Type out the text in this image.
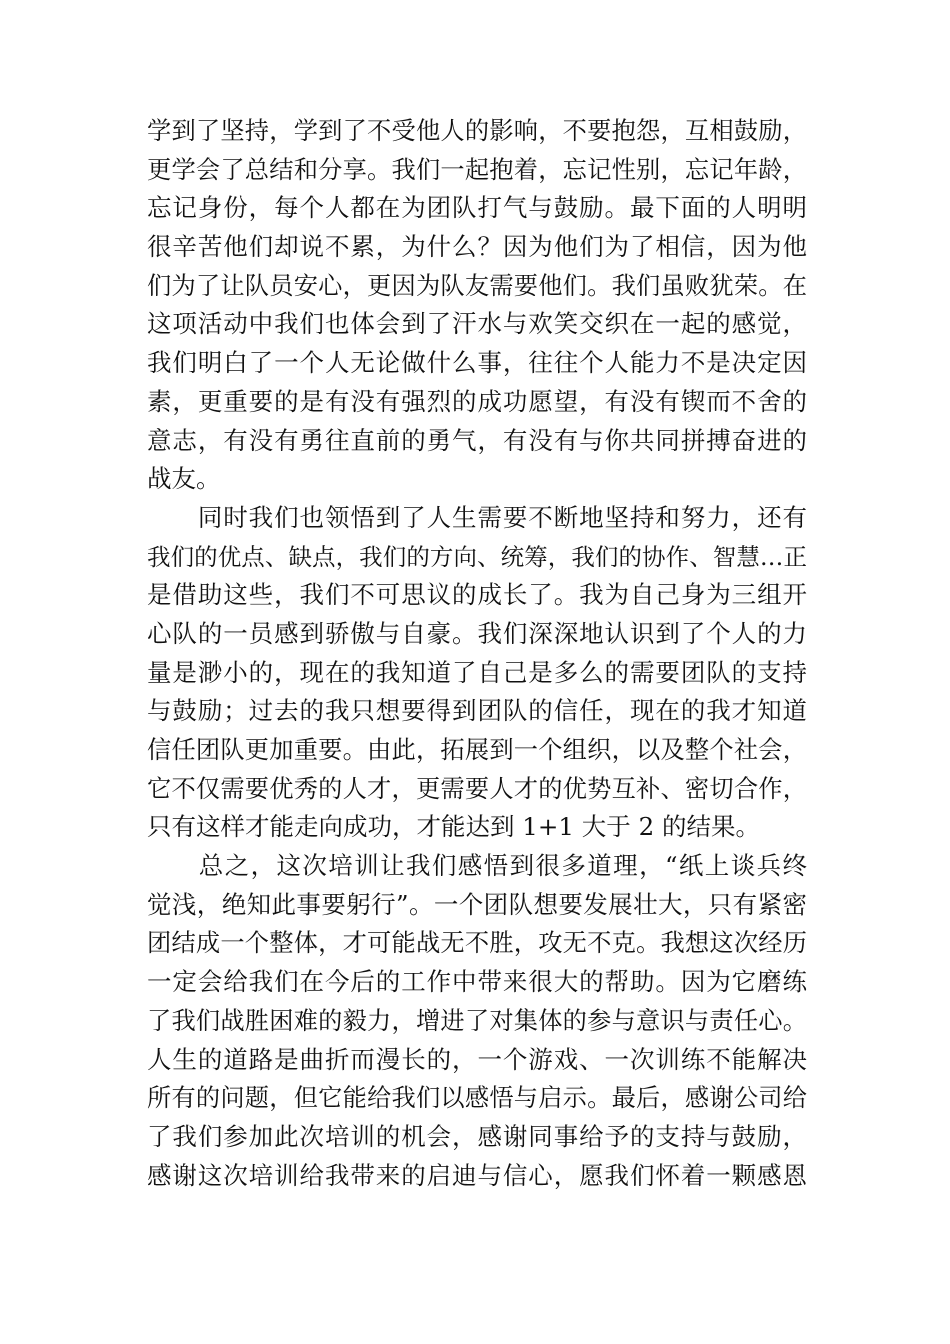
学到了坚持，学到了不受他人的影响，不要抱怨，互相鼓励，
更学会了总结和分享。我们一起抱着，忘记性别，忘记年龄，
忘记身份，每个人都在为团队打气与鼓励。最下面的人明明
很辛苦他们却说不累，为什么？因为他们为了相信，因为他
们为了让队员安心，更因为队友需要他们。我们虽败犹荣。在
这项活动中我们也体会到了汗水与欢笑交织在一起的感觉，
我们明白了一个人无论做什么事，往往个人能力不是决定因
素，更重要的是有没有强烈的成功愿望，有没有锲而不舍的
意志，有没有勇往直前的勇气，有没有与你共同拼搏奋进的
战友。
　　同时我们也领悟到了人生需要不断地坚持和努力，还有
我们的优点、缺点，我们的方向、统筹，我们的协作、智慧…正
是借助这些，我们不可思议的成长了。我为自己身为三组开
心队的一员感到骄傲与自豪。我们深深地认识到了个人的力
量是渺小的，现在的我知道了自己是多么的需要团队的支持
与鼓励；过去的我只想要得到团队的信任，现在的我才知道
信任团队更加重要。由此，拓展到一个组织，以及整个社会，
它不仅需要优秀的人才，更需要人才的优势互补、密切合作，
只有这样才能走向成功，才能达到 1+1 大于 2 的结果。
　　总之，这次培训让我们感悟到很多道理，“纸上谈兵终
觉浅，绝知此事要躬行”。一个团队想要发展壮大，只有紧密
团结成一个整体，才可能战无不胜，攻无不克。我想这次经历
一定会给我们在今后的工作中带来很大的帮助。因为它磨练
了我们战胜困难的毅力，增进了对集体的参与意识与责任心。
人生的道路是曲折而漫长的，一个游戏、一次训练不能解决
所有的问题，但它能给我们以感悟与启示。最后，感谢公司给
了我们参加此次培训的机会，感谢同事给予的支持与鼓励，
感谢这次培训给我带来的启迪与信心，愿我们怀着一颗感恩
